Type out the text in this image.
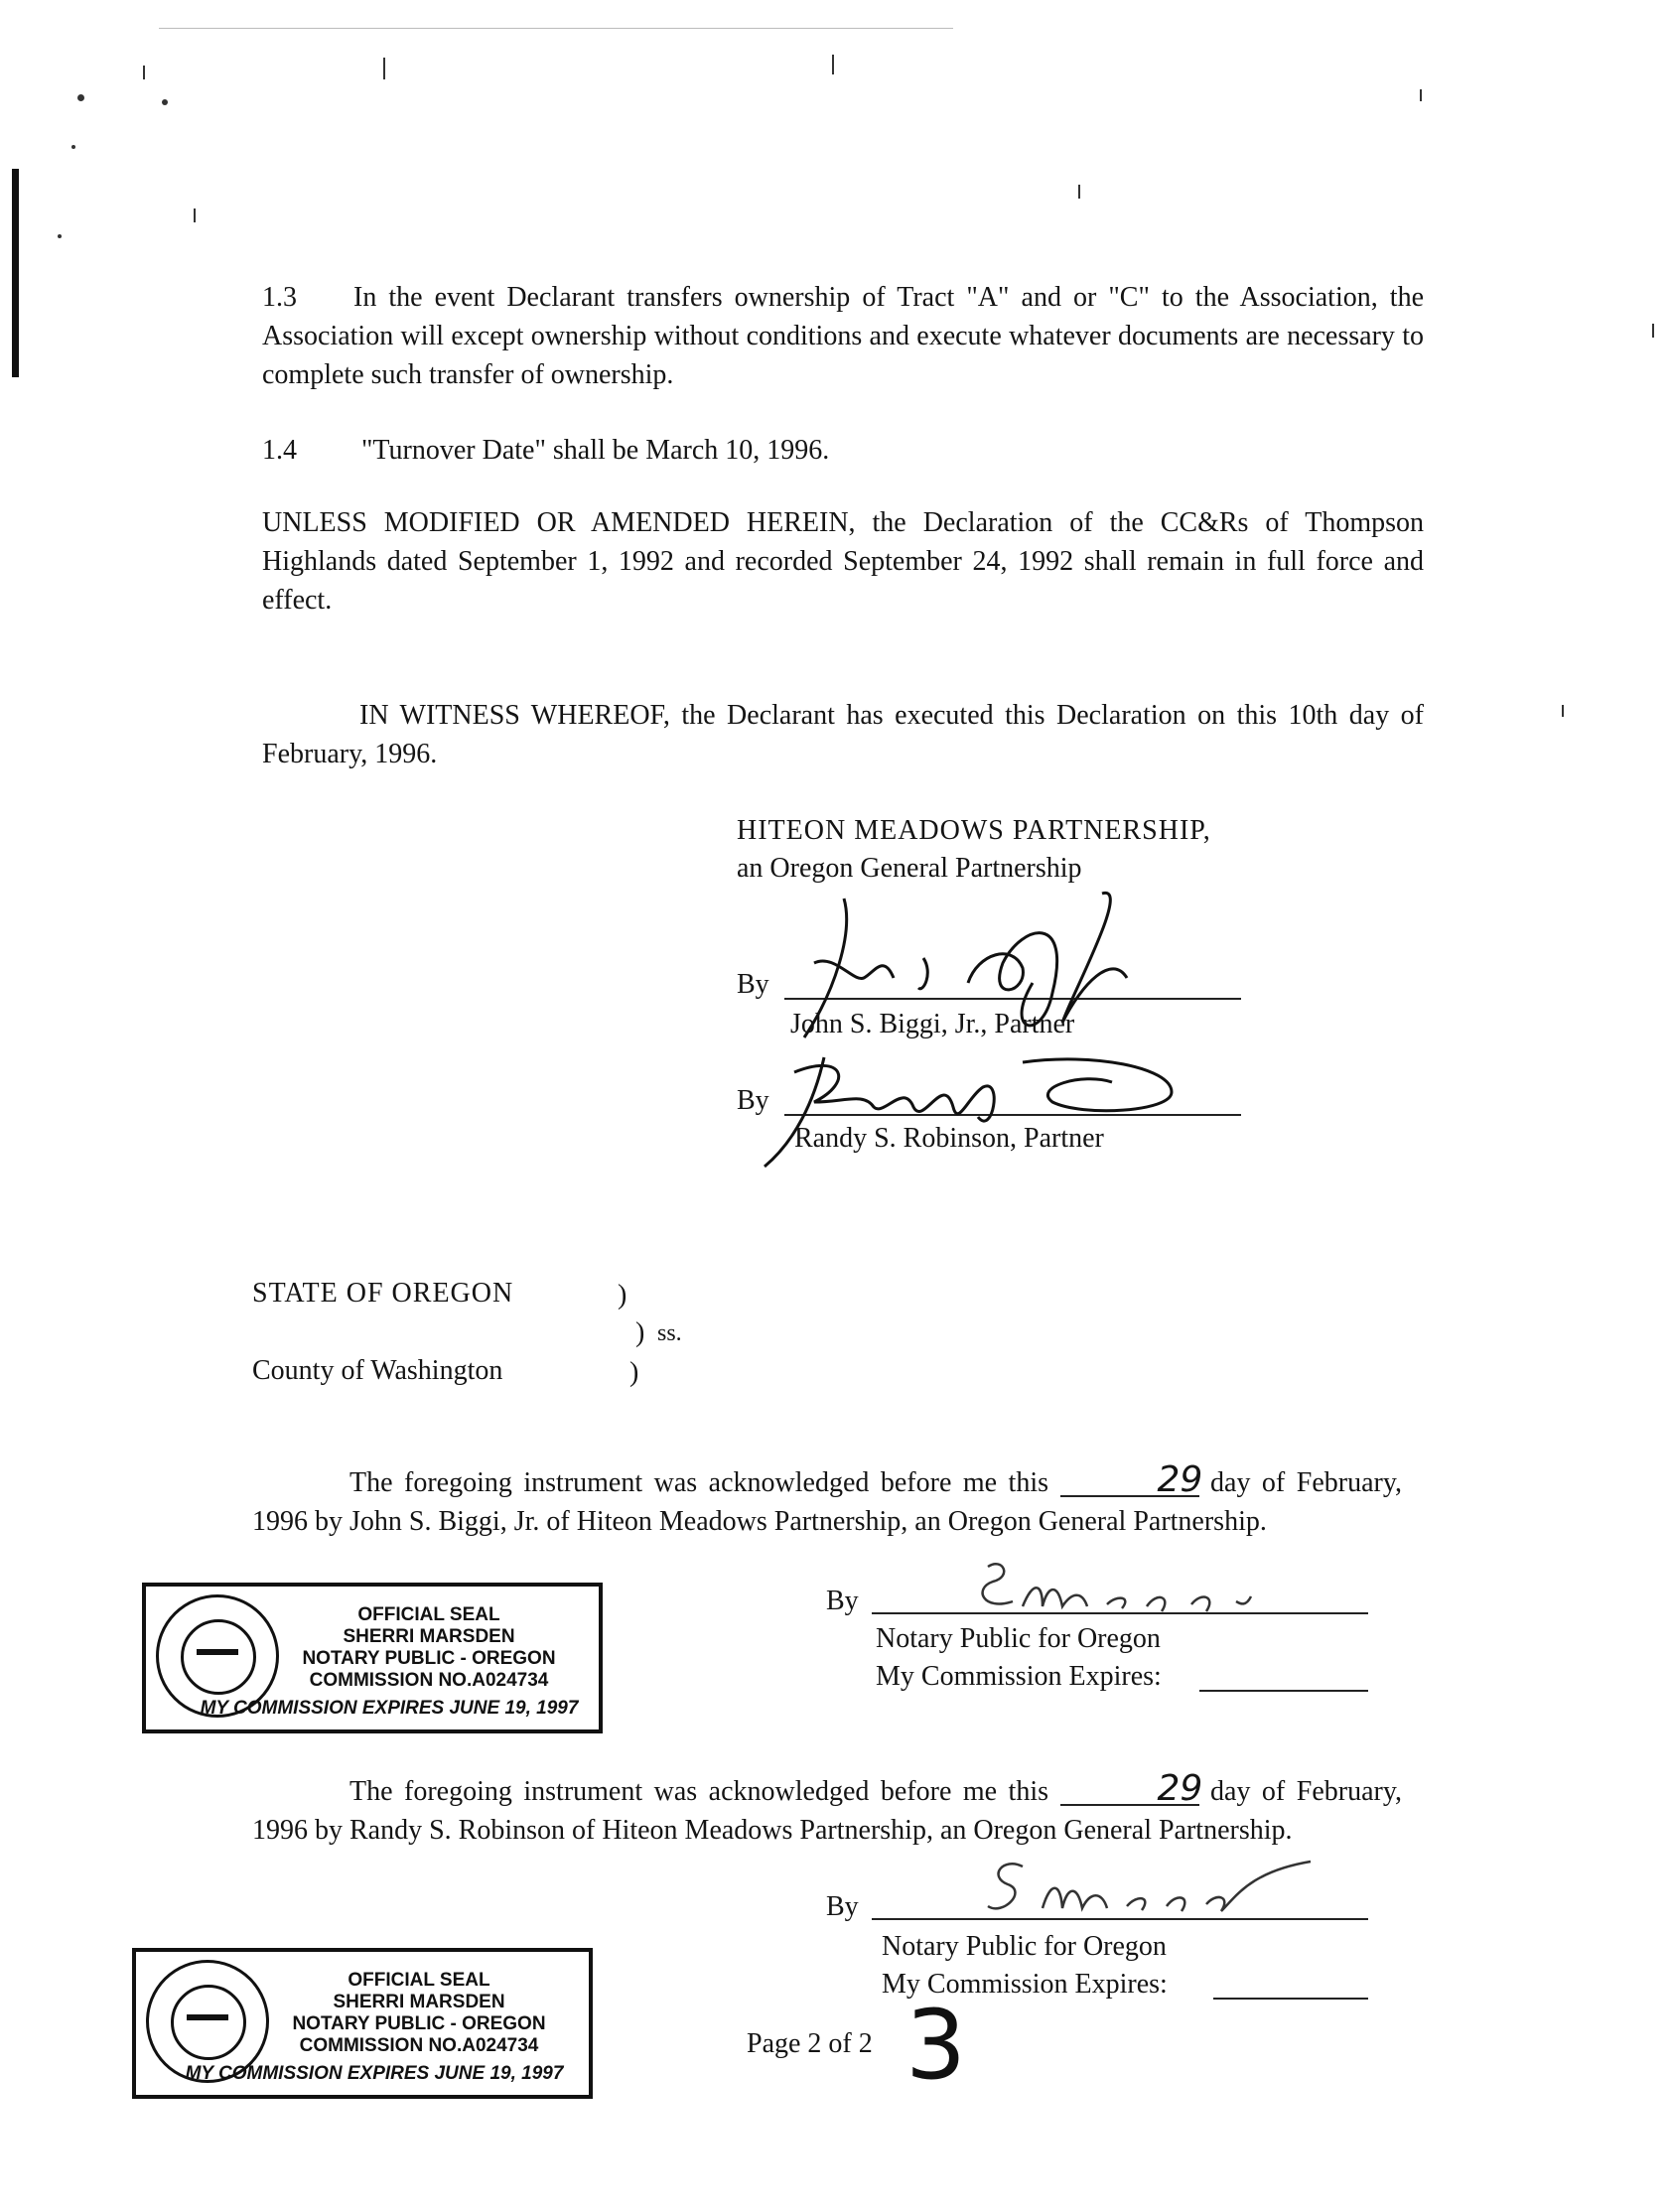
1.3 In the event Declarant transfers ownership of Tract "A" and or "C" to the Association, the Association will except ownership without conditions and execute whatever documents are necessary to complete such transfer of ownership.
1.4 "Turnover Date" shall be March 10, 1996.
UNLESS MODIFIED OR AMENDED HEREIN, the Declaration of the CC&Rs of Thompson Highlands dated September 1, 1992 and recorded September 24, 1992 shall remain in full force and effect.
IN WITNESS WHEREOF, the Declarant has executed this Declaration on this 10th day of February, 1996.
HITEON MEADOWS PARTNERSHIP,
an Oregon General Partnership
By
John S. Biggi, Jr., Partner
By
Randy S. Robinson, Partner
STATE OF OREGON	)
) ss.
County of Washington	)
The foregoing instrument was acknowledged before me this	29 day of February, 1996 by John S. Biggi, Jr. of Hiteon Meadows Partnership, an Oregon General Partnership.
By
Notary Public for Oregon
My Commission Expires:
OFFICIAL SEAL
SHERRI MARSDEN
NOTARY PUBLIC - OREGON
COMMISSION NO.A024734
MY COMMISSION EXPIRES JUNE 19, 1997
The foregoing instrument was acknowledged before me this	29 day of February, 1996 by Randy S. Robinson of Hiteon Meadows Partnership, an Oregon General Partnership.
By
Notary Public for Oregon
My Commission Expires:
OFFICIAL SEAL
SHERRI MARSDEN
NOTARY PUBLIC - OREGON
COMMISSION NO.A024734
MY COMMISSION EXPIRES JUNE 19, 1997
Page 2 of 2 3
